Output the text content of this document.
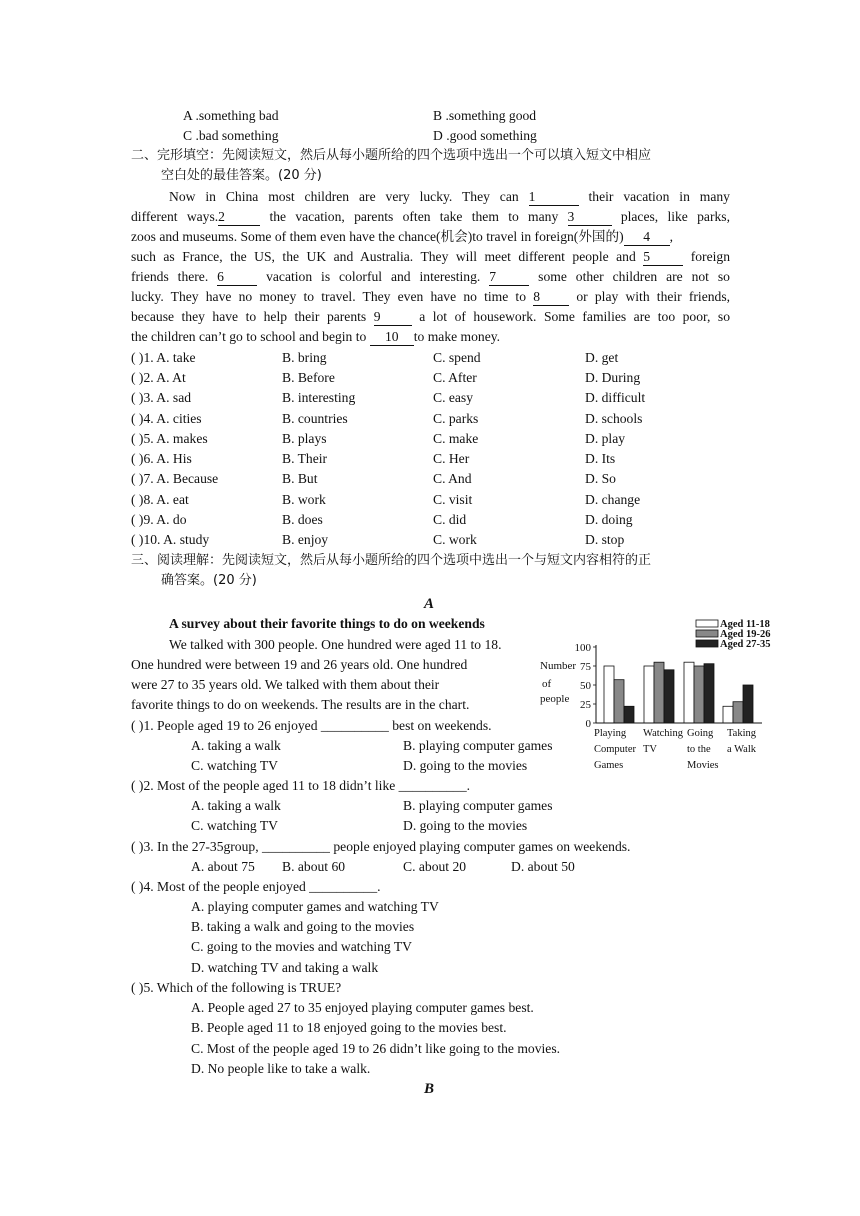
A .something bad	B .something good
C .bad something	D .good something
二、完形填空：先阅读短文，然后从每小题所给的四个选项中选出一个可以填入短文中相应
空白处的最佳答案。(20 分)
Now in China most children are very lucky. They can 1	their vacation in many
different ways.2	the vacation, parents often take them to many 3	places, like parks,
zoos and museums. Some of them even have the chance(机会)to travel in foreign(外国的) 4 ,
such as France, the US, the UK and Australia. They will meet different people and 5	foreign
friends there. 6	vacation is colorful and interesting. 7	some other children are not so
lucky. They have no money to travel. They even have no time to 8	or play with their friends,
because they have to help their parents 9	a lot of housework. Some families are too poor, so
the children can’t go to school and begin to 10 to make money.
( )1. A. take	B. bring	C. spend	D. get
( )2. A. At	B. Before	C. After	D. During
( )3. A. sad	B. interesting	C. easy	D. difficult
( )4. A. cities	B. countries	C. parks	D. schools
( )5. A. makes	B. plays	C. make	D. play
( )6. A. His	B. Their	C. Her	D. Its
( )7. A. Because	B. But	C. And	D. So
( )8. A. eat	B. work	C. visit	D. change
( )9. A. do	B. does	C. did	D. doing
( )10. A. study	B. enjoy	C. work	D. stop
三、阅读理解：先阅读短文，然后从每小题所给的四个选项中选出一个与短文内容相符的正
确答案。(20 分)
A
A survey about their favorite things to do on weekends
We talked with 300 people. One hundred were aged 11 to 18.
One hundred were between 19 and 26 years old. One hundred
were 27 to 35 years old. We talked with them about their
favorite things to do on weekends. The results are in the chart.
( )1. People aged 19 to 26 enjoyed __________ best on weekends.
A. taking a walk	B. playing computer games
C. watching TV	D. going to the movies
( )2. Most of the people aged 11 to 18 didn’t like __________.
A. taking a walk	B. playing computer games
C. watching TV	D. going to the movies
( )3. In the 27-35group, __________ people enjoyed playing computer games on weekends.
A. about 75 B. about 60	C. about 20	D. about 50
( )4. Most of the people enjoyed __________.
A. playing computer games and watching TV
B. taking a walk and going to the movies
C. going to the movies and watching TV
D. watching TV and taking a walk
( )5. Which of the following is TRUE?
A. People aged 27 to 35 enjoyed playing computer games best.
B. People aged 11 to 18 enjoyed going to the movies best.
C. Most of the people aged 19 to 26 didn’t like going to the movies.
D. No people like to take a walk.
B
Aged 11-18
Aged 19-26
Aged 27-35
Number
of
people
0
25
50
75
100
Playing
Computer
Games
Watching
TV
Going
to the
Movies
Taking
a Walk
